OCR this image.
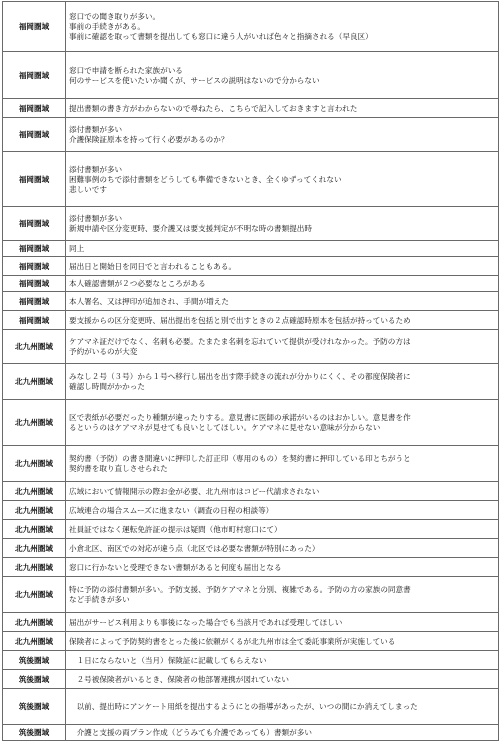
福岡圏域	窓口での聞き取りが多い。
事前の手続きがある。
事前に確認を取って書類を提出しても窓口に違う人がいれば色々と指摘される（早良区）

福岡圏域	窓口で申請を断られた家族がいる
何のサービスを使いたいか聞くが、サービスの説明はないので分からない

福岡圏域	提出書類の書き方がわからないので尋ねたら、こちらで記入しておきますと言われた

福岡圏域	添付書類が多い
介護保険証原本を持って行く必要があるのか？

福岡圏域	添付書類が多い
困難事例のちで添付書類をどうしても準備できないとき、全くゆずってくれない
悲しいです

福岡圏域	添付書類が多い
新規申請や区分変更時、要介護又は要支援判定が不明な時の書類提出時

福岡圏域	同上

福岡圏域	届出日と開始日を同日でと言われることもある。

福岡圏域	本人確認書類が２つ必要なところがある

福岡圏域	本人署名、又は押印が追加され、手間が増えた

福岡圏域	要支援からの区分変更時、届出提出を包括と別で出すときの２点確認時原本を包括が持っているため

北九州圏域	ケアマネ証だけでなく、名刺も必要。たまたま名刺を忘れていて提供が受けれなかった。予防の方は
予約がいるのが大変

北九州圏域	みなし２号（３号）から１号へ移行し届出を出す際手続きの流れが分かりにくく、その都度保険者に
確認し時間がかかった

北九州圏域	区で表紙が必要だったり種類が違ったりする。意見書に医師の承諾がいるのはおかしい。意見書を作
るというのはケアマネが見せても良いとしてほしい。ケアマネに見せない意味が分からない

北九州圏域	契約書（予防）の書き間違いに押印した訂正印（専用のもの）を契約書に押印している印とちがうと
契約書を取り直しさせられた

北九州圏域	広域において情報開示の際お金が必要、北九州市はコピー代請求されない

北九州圏域	広域連合の場合スムーズに進まない（調査の日程の相談等）

北九州圏域	社員証ではなく運転免許証の提示は疑問（他市町村窓口にて）

北九州圏域	小倉北区、南区での対応が違う点（北区では必要な書類が特別にあった）

北九州圏域	窓口に行かないと受理できない書類があると何度も届出となる

北九州圏域	特に予防の添付書類が多い。予防支援、予防ケアマネと分別、複雑である。予防の方の家族の同意書
など手続きが多い

北九州圏域	届出がサービス利用よりも事後になった場合でも当該月であれば受理してほしい

北九州圏域	保険者によって予防契約書をとった後に依頼がくるが北九州市は全て委託事業所が実施している

筑後圏域	　１日にならないと（当月）保険証に記載してもらえない

筑後圏域	　２号被保険者がいるとき、保険者の他部署連携が図れていない

筑後圏域	　以前、提出時にアンケート用紙を提出するようにとの指導があったが、いつの間にか消えてしまった

筑後圏域	　介護と支援の両プラン作成（どうみても介護であっても）書類が多い
